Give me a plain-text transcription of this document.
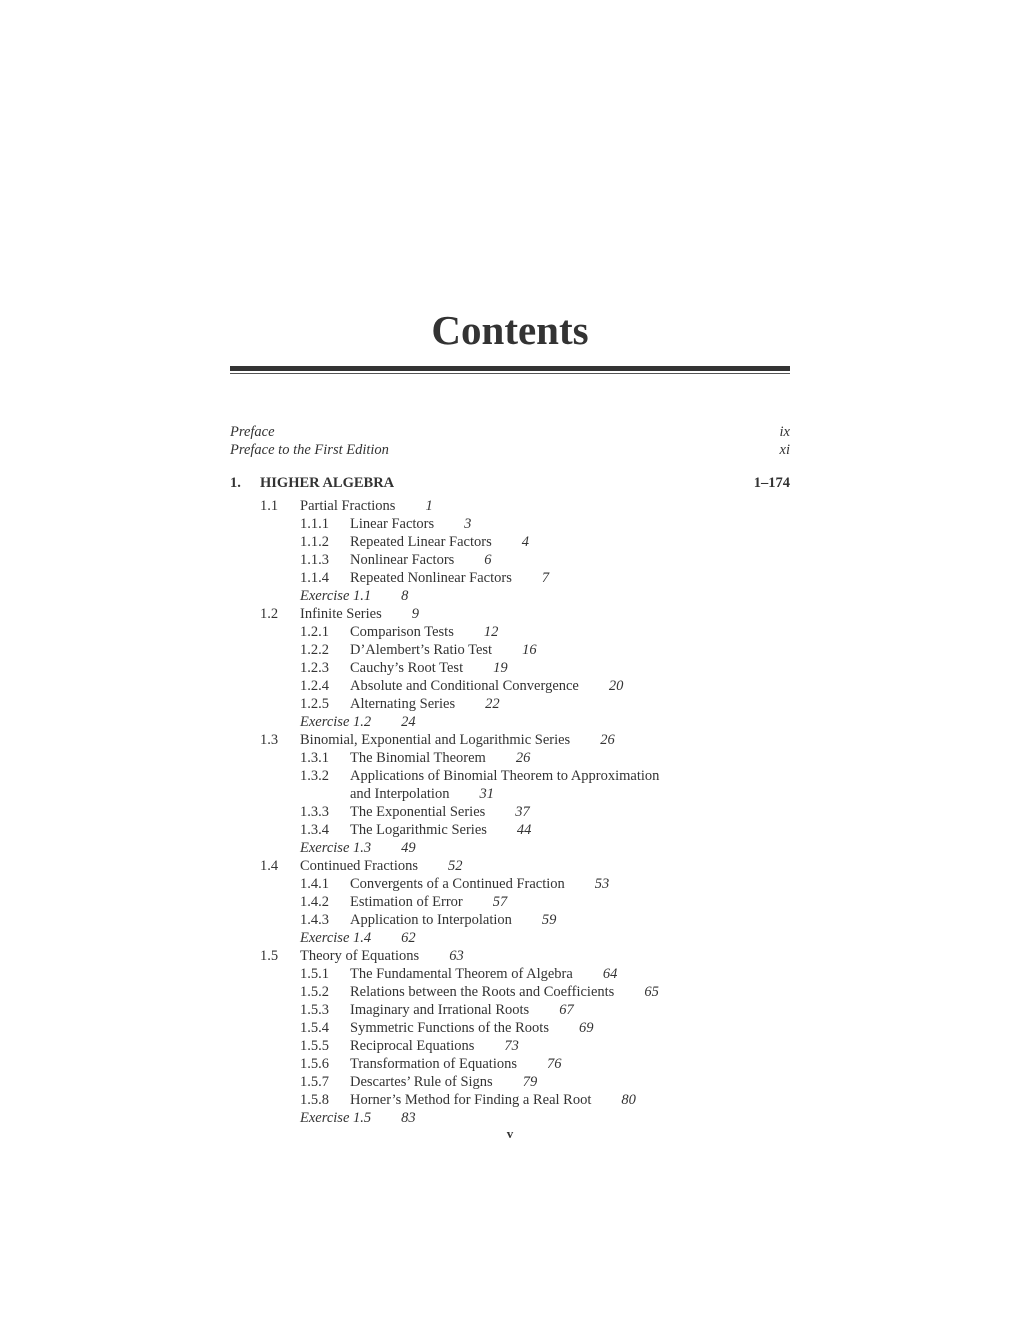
Contents
Preface	ix
Preface to the First Edition	xi
1.	HIGHER ALGEBRA	1–174
1.1 Partial Fractions 1
1.1.1 Linear Factors 3
1.1.2 Repeated Linear Factors 4
1.1.3 Nonlinear Factors 6
1.1.4 Repeated Nonlinear Factors 7
Exercise 1.1 8
1.2 Infinite Series 9
1.2.1 Comparison Tests 12
1.2.2 D’Alembert’s Ratio Test 16
1.2.3 Cauchy’s Root Test 19
1.2.4 Absolute and Conditional Convergence 20
1.2.5 Alternating Series 22
Exercise 1.2 24
1.3 Binomial, Exponential and Logarithmic Series 26
1.3.1 The Binomial Theorem 26
1.3.2 Applications of Binomial Theorem to Approximation
and Interpolation 31
1.3.3 The Exponential Series 37
1.3.4 The Logarithmic Series 44
Exercise 1.3 49
1.4 Continued Fractions 52
1.4.1 Convergents of a Continued Fraction 53
1.4.2 Estimation of Error 57
1.4.3 Application to Interpolation 59
Exercise 1.4 62
1.5 Theory of Equations 63
1.5.1 The Fundamental Theorem of Algebra 64
1.5.2 Relations between the Roots and Coefficients 65
1.5.3 Imaginary and Irrational Roots 67
1.5.4 Symmetric Functions of the Roots 69
1.5.5 Reciprocal Equations 73
1.5.6 Transformation of Equations 76
1.5.7 Descartes’ Rule of Signs 79
1.5.8 Horner’s Method for Finding a Real Root 80
Exercise 1.5 83
v
